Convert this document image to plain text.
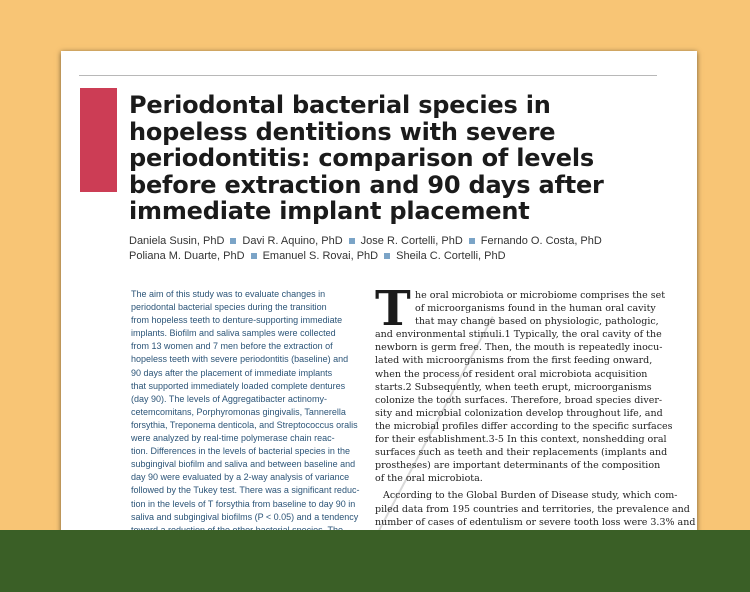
Periodontal bacterial species in
hopeless dentitions with severe
periodontitis: comparison of levels
before extraction and 90 days after
immediate implant placement
Daniela Susin, PhD Davi R. Aquino, PhD Jose R. Cortelli, PhD Fernando O. Costa, PhD
Poliana M. Duarte, PhD Emanuel S. Rovai, PhD Sheila C. Cortelli, PhD
The aim of this study was to evaluate changes in
periodontal bacterial species during the transition
from hopeless teeth to denture-supporting immediate
implants. Biofilm and saliva samples were collected
from 13 women and 7 men before the extraction of
hopeless teeth with severe periodontitis (baseline) and
90 days after the placement of immediate implants
that supported immediately loaded complete dentures
(day 90). The levels of Aggregatibacter actinomy-
cetemcomitans, Porphyromonas gingivalis, Tannerella
forsythia, Treponema denticola, and Streptococcus oralis
were analyzed by real-time polymerase chain reac-
tion. Differences in the levels of bacterial species in the
subgingival biofilm and saliva and between baseline and
day 90 were evaluated by a 2-way analysis of variance
followed by the Tukey test. There was a significant reduc-
tion in the levels of T forsythia from baseline to day 90 in
saliva and subgingival biofilms (P < 0.05) and a tendency
T he oral microbiota or microbiome comprises the set
of microorganisms found in the human oral cavity
that may change based on physiologic, pathologic,
and environmental stimuli.1 Typically, the oral cavity of the
newborn is germ free. Then, the mouth is repeatedly inocu-
lated with microorganisms from the first feeding onward,
when the process of resident oral microbiota acquisition
starts.2 Subsequently, when teeth erupt, microorganisms
colonize the tooth surfaces. Therefore, broad species diver-
sity and microbial colonization develop throughout life, and
the microbial profiles differ according to the specific surfaces
for their establishment.3-5 In this context, nonshedding oral
surfaces such as teeth and their replacements (implants and
prostheses) are important determinants of the composition
of the oral microbiota.
According to the Global Burden of Disease study, which com-
piled data from 195 countries and territories, the prevalence and
number of cases of edentulism or severe tooth loss were 3.3% and
